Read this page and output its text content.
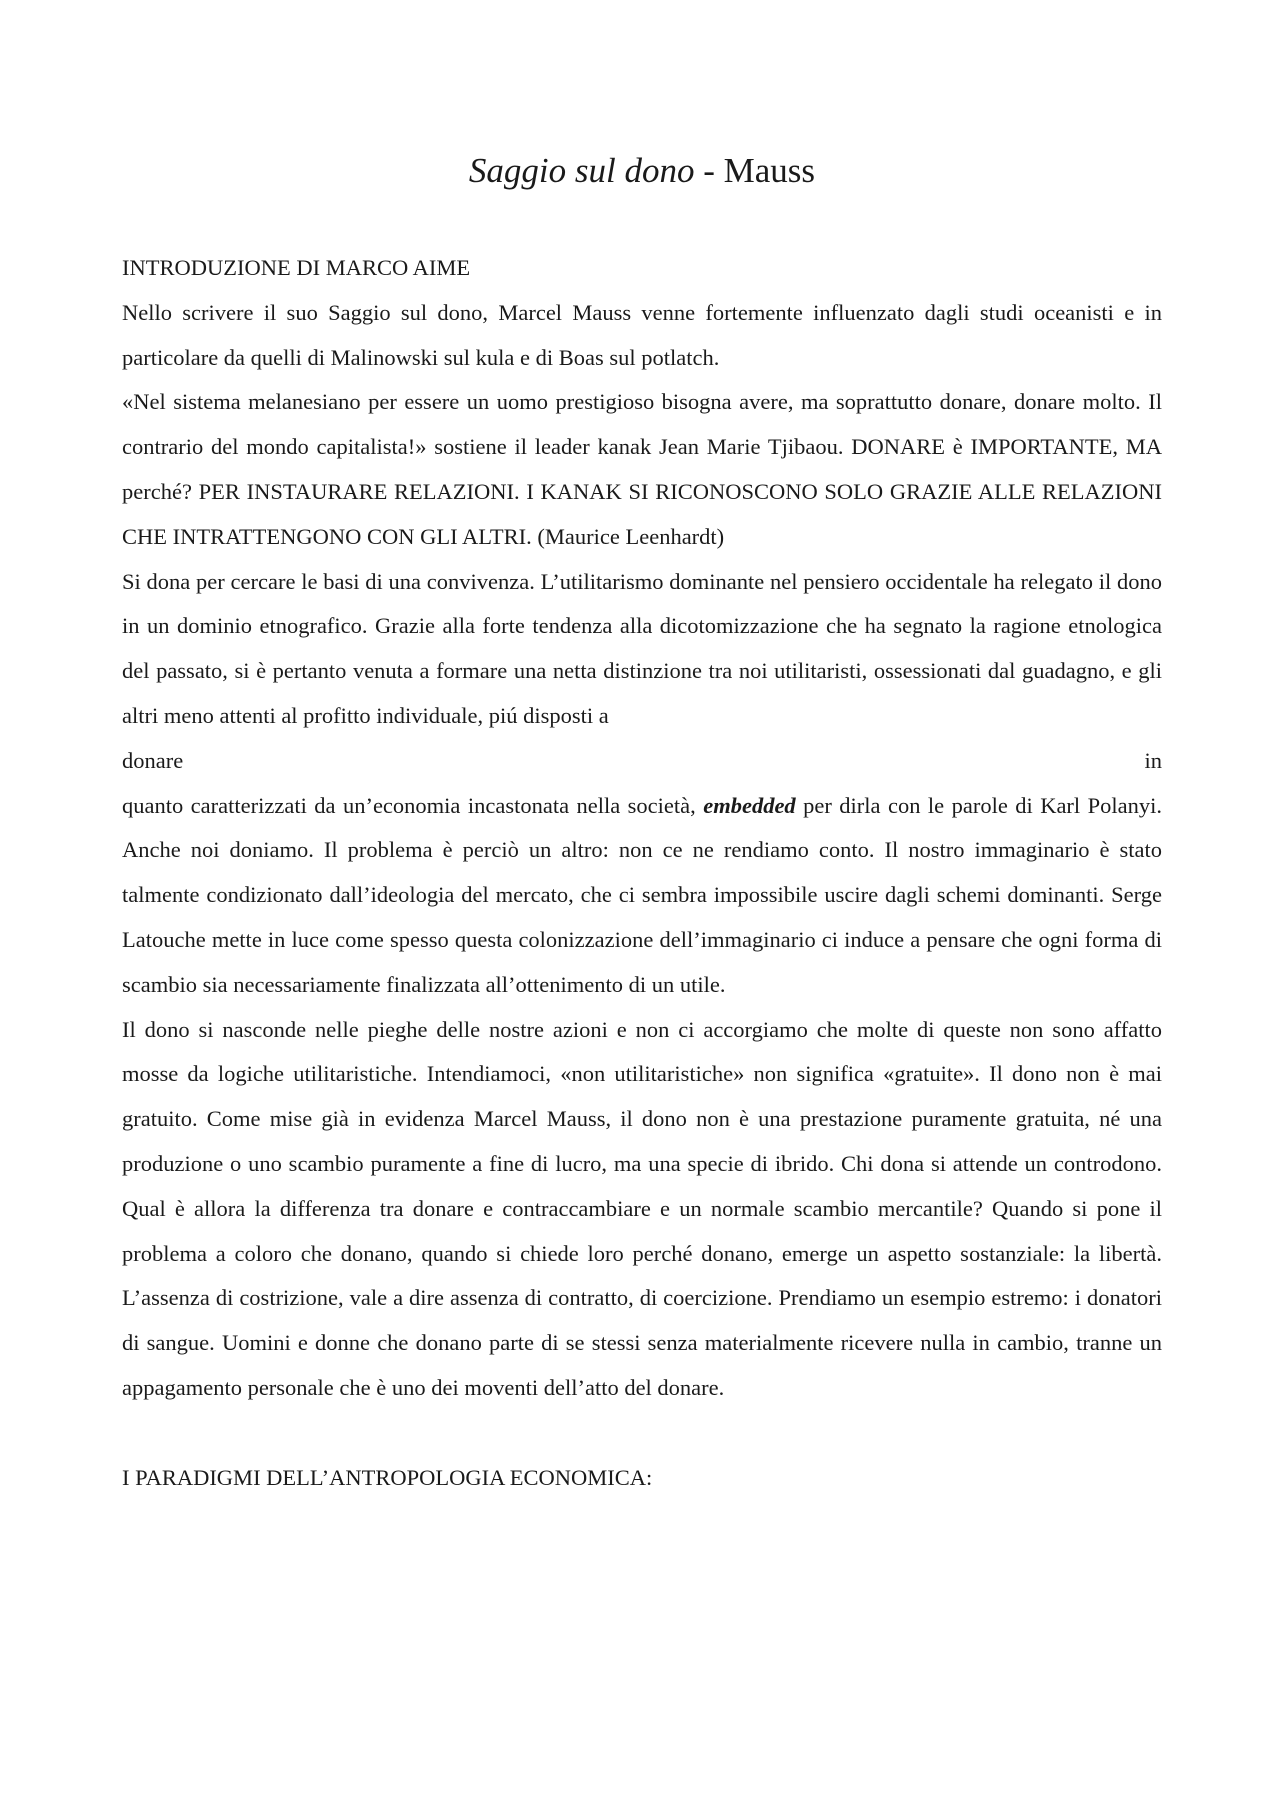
Saggio sul dono - Mauss

INTRODUZIONE DI MARCO AIME

Nello scrivere il suo Saggio sul dono, Marcel Mauss venne fortemente influenzato dagli studi oceanisti e in particolare da quelli di Malinowski sul kula e di Boas sul potlatch.

«Nel sistema melanesiano per essere un uomo prestigioso bisogna avere, ma soprattutto donare, donare molto. Il contrario del mondo capitalista!» sostiene il leader kanak Jean Marie Tjibaou. DONARE è IMPORTANTE, MA perché? PER INSTAURARE RELAZIONI. I KANAK SI RICONOSCONO SOLO GRAZIE ALLE RELAZIONI CHE INTRATTENGONO CON GLI ALTRI. (Maurice Leenhardt)

Si dona per cercare le basi di una convivenza. L’utilitarismo dominante nel pensiero occidentale ha relegato il dono in un dominio etnografico. Grazie alla forte tendenza alla dicotomizzazione che ha segnato la ragione etnologica del passato, si è pertanto venuta a formare una netta distinzione tra noi utilitaristi, ossessionati dal guadagno, e gli altri meno attenti al profitto individuale, piú disposti a

donare	in

quanto caratterizzati da un’economia incastonata nella società, embedded per dirla con le parole di Karl Polanyi. Anche noi doniamo. Il problema è perciò un altro: non ce ne rendiamo conto. Il nostro immaginario è stato talmente condizionato dall’ideologia del mercato, che ci sembra impossibile uscire dagli schemi dominanti. Serge Latouche mette in luce come spesso questa colonizzazione dell’immaginario ci induce a pensare che ogni forma di scambio sia necessariamente finalizzata all’ottenimento di un utile.

Il dono si nasconde nelle pieghe delle nostre azioni e non ci accorgiamo che molte di queste non sono affatto mosse da logiche utilitaristiche. Intendiamoci, «non utilitaristiche» non significa «gratuite». Il dono non è mai gratuito. Come mise già in evidenza Marcel Mauss, il dono non è una prestazione puramente gratuita, né una produzione o uno scambio puramente a fine di lucro, ma una specie di ibrido. Chi dona si attende un controdono. Qual è allora la differenza tra donare e contraccambiare e un normale scambio mercantile? Quando si pone il problema a coloro che donano, quando si chiede loro perché donano, emerge un aspetto sostanziale: la libertà. L’assenza di costrizione, vale a dire assenza di contratto, di coercizione. Prendiamo un esempio estremo: i donatori di sangue. Uomini e donne che donano parte di se stessi senza materialmente ricevere nulla in cambio, tranne un appagamento personale che è uno dei moventi dell’atto del donare.

I PARADIGMI DELL’ANTROPOLOGIA ECONOMICA:
